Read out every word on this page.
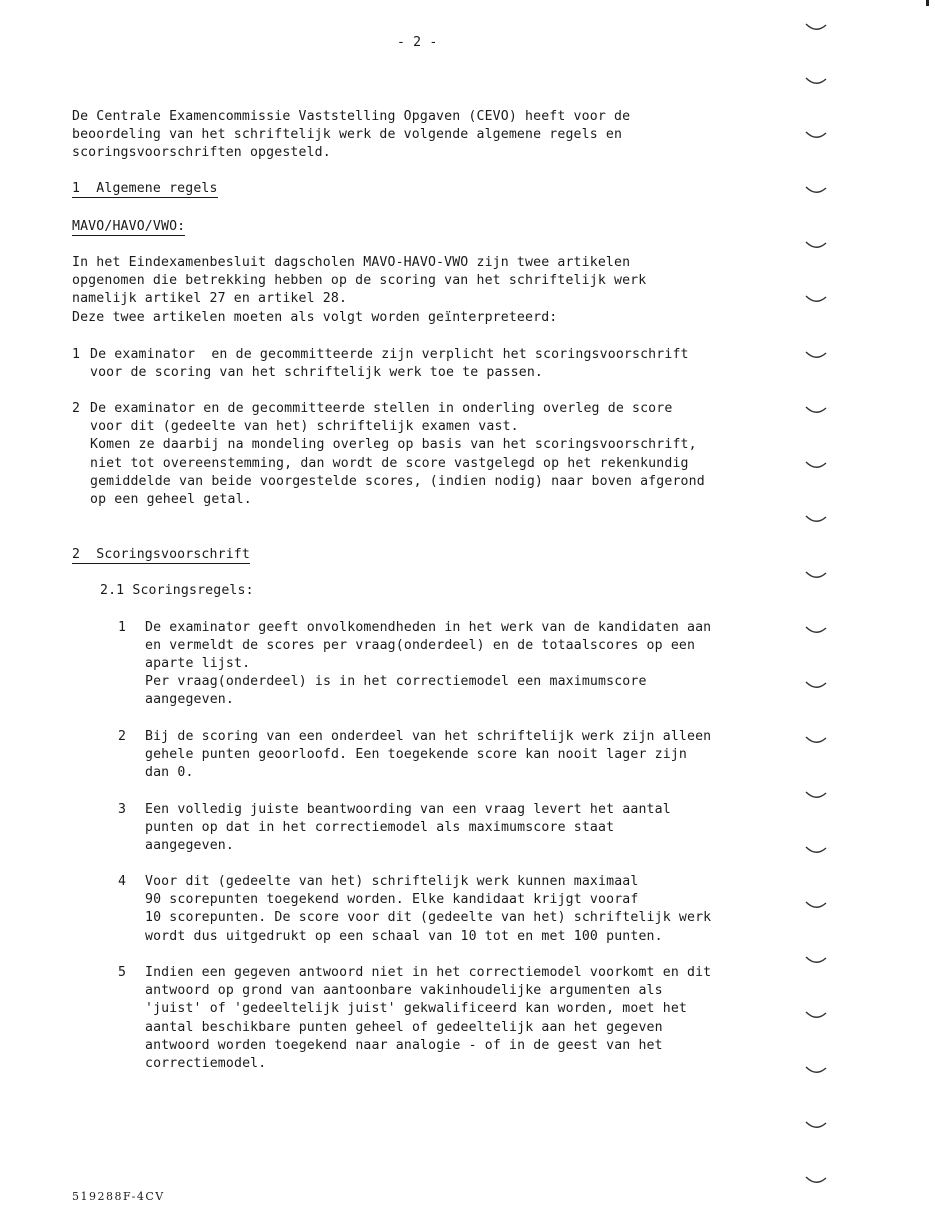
- 2 -
De Centrale Examencommissie Vaststelling Opgaven (CEVO) heeft voor de
beoordeling van het schriftelijk werk de volgende algemene regels en
scoringsvoorschriften opgesteld.
1  Algemene regels
MAVO/HAVO/VWO:
In het Eindexamenbesluit dagscholen MAVO-HAVO-VWO zijn twee artikelen
opgenomen die betrekking hebben op de scoring van het schriftelijk werk
namelijk artikel 27 en artikel 28.
Deze twee artikelen moeten als volgt worden geïnterpreteerd:
1 De examinator  en de gecommitteerde zijn verplicht het scoringsvoorschrift
voor de scoring van het schriftelijk werk toe te passen.
2 De examinator en de gecommitteerde stellen in onderling overleg de score
voor dit (gedeelte van het) schriftelijk examen vast.
Komen ze daarbij na mondeling overleg op basis van het scoringsvoorschrift,
niet tot overeenstemming, dan wordt de score vastgelegd op het rekenkundig
gemiddelde van beide voorgestelde scores, (indien nodig) naar boven afgerond
op een geheel getal.
2  Scoringsvoorschrift
2.1 Scoringsregels:
1 De examinator geeft onvolkomendheden in het werk van de kandidaten aan
en vermeldt de scores per vraag(onderdeel) en de totaalscores op een
aparte lijst.
Per vraag(onderdeel) is in het correctiemodel een maximumscore
aangegeven.
2 Bij de scoring van een onderdeel van het schriftelijk werk zijn alleen
gehele punten geoorloofd. Een toegekende score kan nooit lager zijn
dan 0.
3 Een volledig juiste beantwoording van een vraag levert het aantal
punten op dat in het correctiemodel als maximumscore staat
aangegeven.
4 Voor dit (gedeelte van het) schriftelijk werk kunnen maximaal
90 scorepunten toegekend worden. Elke kandidaat krijgt vooraf
10 scorepunten. De score voor dit (gedeelte van het) schriftelijk werk
wordt dus uitgedrukt op een schaal van 10 tot en met 100 punten.
5 Indien een gegeven antwoord niet in het correctiemodel voorkomt en dit
antwoord op grond van aantoonbare vakinhoudelijke argumenten als
'juist' of 'gedeeltelijk juist' gekwalificeerd kan worden, moet het
aantal beschikbare punten geheel of gedeeltelijk aan het gegeven
antwoord worden toegekend naar analogie - of in de geest van het
correctiemodel.
519288F-4CV
